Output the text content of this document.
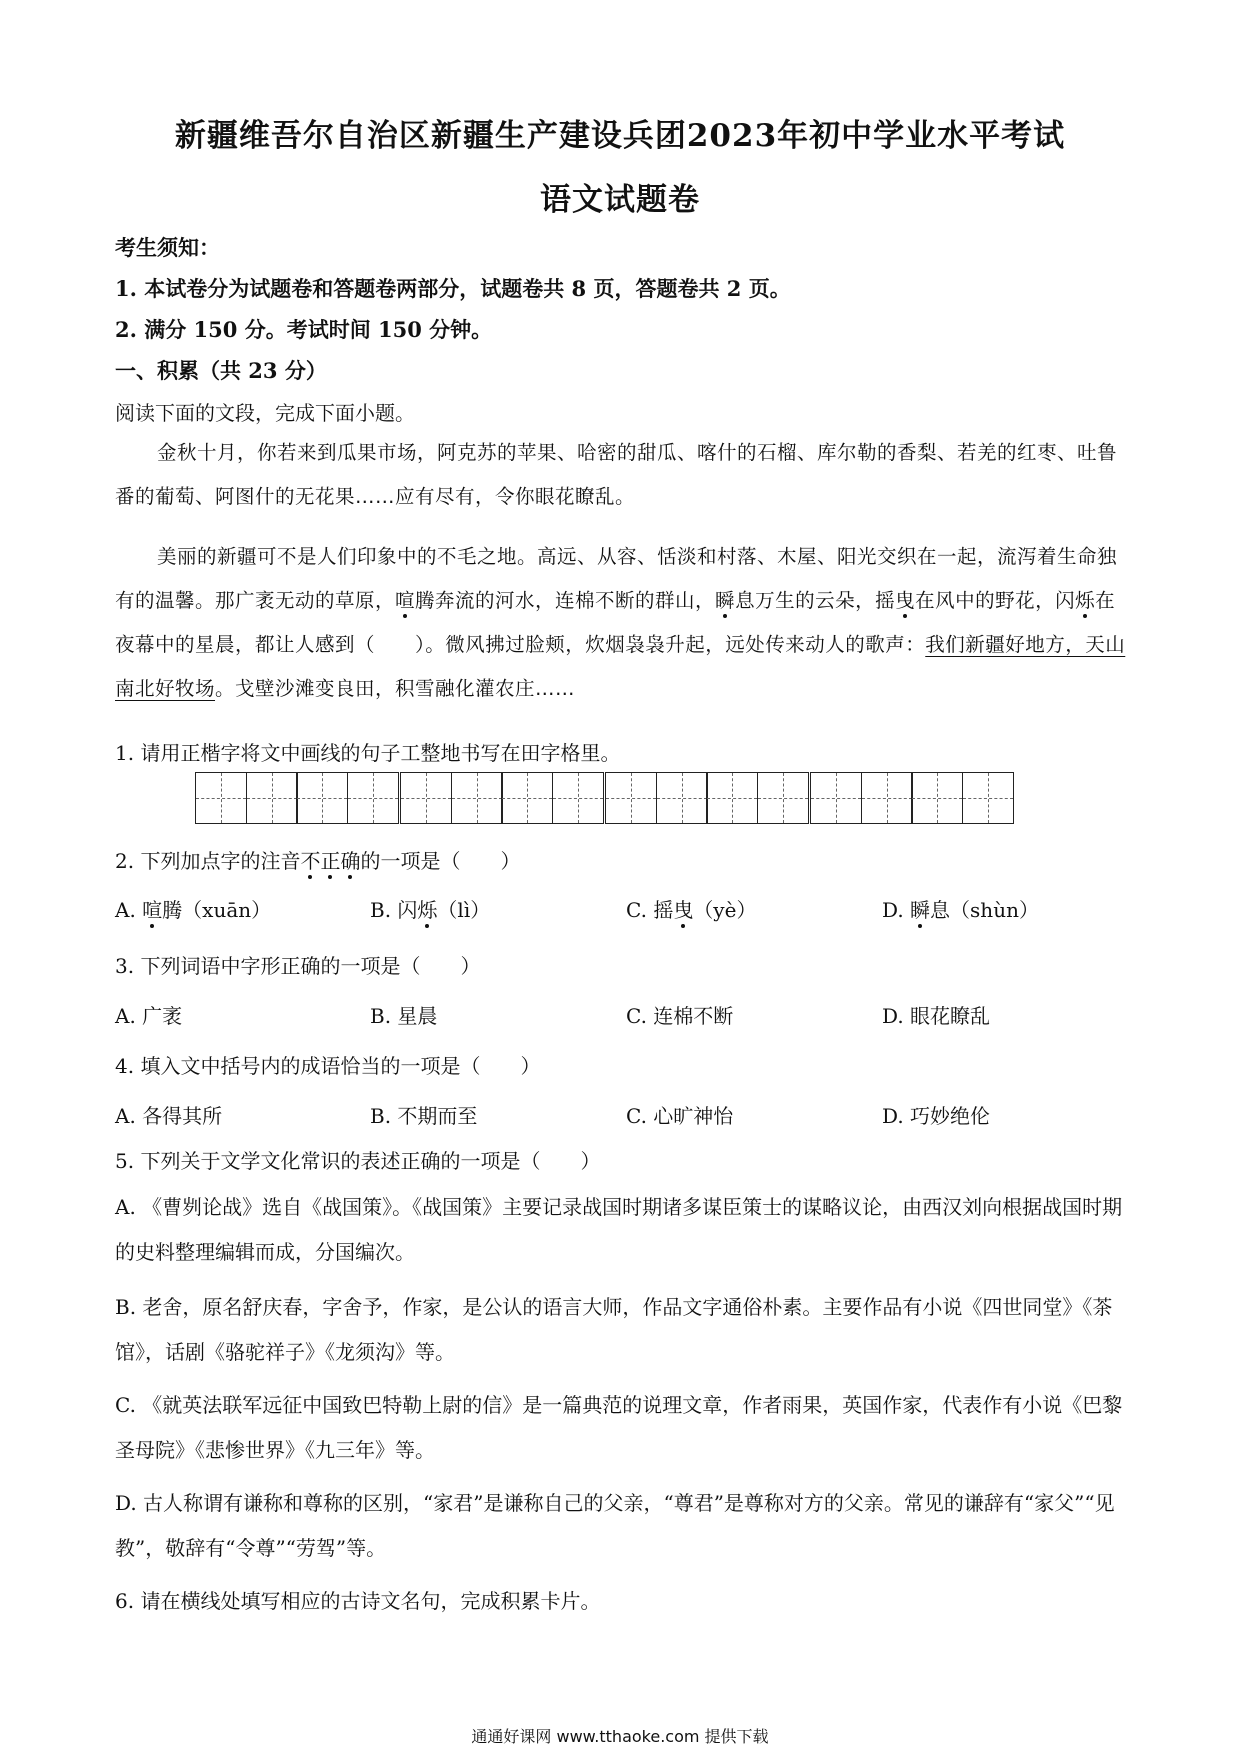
新疆维吾尔自治区新疆生产建设兵团2023年初中学业水平考试
语文试题卷
考生须知：
1. 本试卷分为试题卷和答题卷两部分，试题卷共 8 页，答题卷共 2 页。
2. 满分 150 分。考试时间 150 分钟。
一、积累（共 23 分）
阅读下面的文段，完成下面小题。
金秋十月，你若来到瓜果市场，阿克苏的苹果、哈密的甜瓜、喀什的石榴、库尔勒的香梨、若羌的红枣、吐鲁番的葡萄、阿图什的无花果……应有尽有，令你眼花瞭乱。
美丽的新疆可不是人们印象中的不毛之地。高远、从容、恬淡和村落、木屋、阳光交织在一起，流泻着生命独有的温馨。那广袤无动的草原，喧腾奔流的河水，连棉不断的群山，瞬息万生的云朵，摇曳在风中的野花，闪烁在夜幕中的星晨，都让人感到（　　）。微风拂过脸颊，炊烟袅袅升起，远处传来动人的歌声：我们新疆好地方，天山南北好牧场。戈壁沙滩变良田，积雪融化灌农庄……
1. 请用正楷字将文中画线的句子工整地书写在田字格里。
2. 下列加点字的注音不正确的一项是（　　）
A. 喧腾（xuān）	B. 闪烁（lì）	C. 摇曳（yè）	D. 瞬息（shùn）
3. 下列词语中字形正确的一项是（　　）
A. 广袤	B. 星晨	C. 连棉不断	D. 眼花瞭乱
4. 填入文中括号内的成语恰当的一项是（　　）
A. 各得其所	B. 不期而至	C. 心旷神怡	D. 巧妙绝伦
5. 下列关于文学文化常识的表述正确的一项是（　　）
A. 《曹刿论战》选自《战国策》。《战国策》主要记录战国时期诸多谋臣策士的谋略议论，由西汉刘向根据战国时期的史料整理编辑而成，分国编次。
B. 老舍，原名舒庆春，字舍予，作家，是公认的语言大师，作品文字通俗朴素。主要作品有小说《四世同堂》《茶馆》，话剧《骆驼祥子》《龙须沟》等。
C. 《就英法联军远征中国致巴特勒上尉的信》是一篇典范的说理文章，作者雨果，英国作家，代表作有小说《巴黎圣母院》《悲惨世界》《九三年》等。
D. 古人称谓有谦称和尊称的区别，“家君”是谦称自己的父亲，“尊君”是尊称对方的父亲。常见的谦辞有“家父”“见教”，敬辞有“令尊”“劳驾”等。
6. 请在横线处填写相应的古诗文名句，完成积累卡片。
通通好课网 www.tthaoke.com 提供下载
